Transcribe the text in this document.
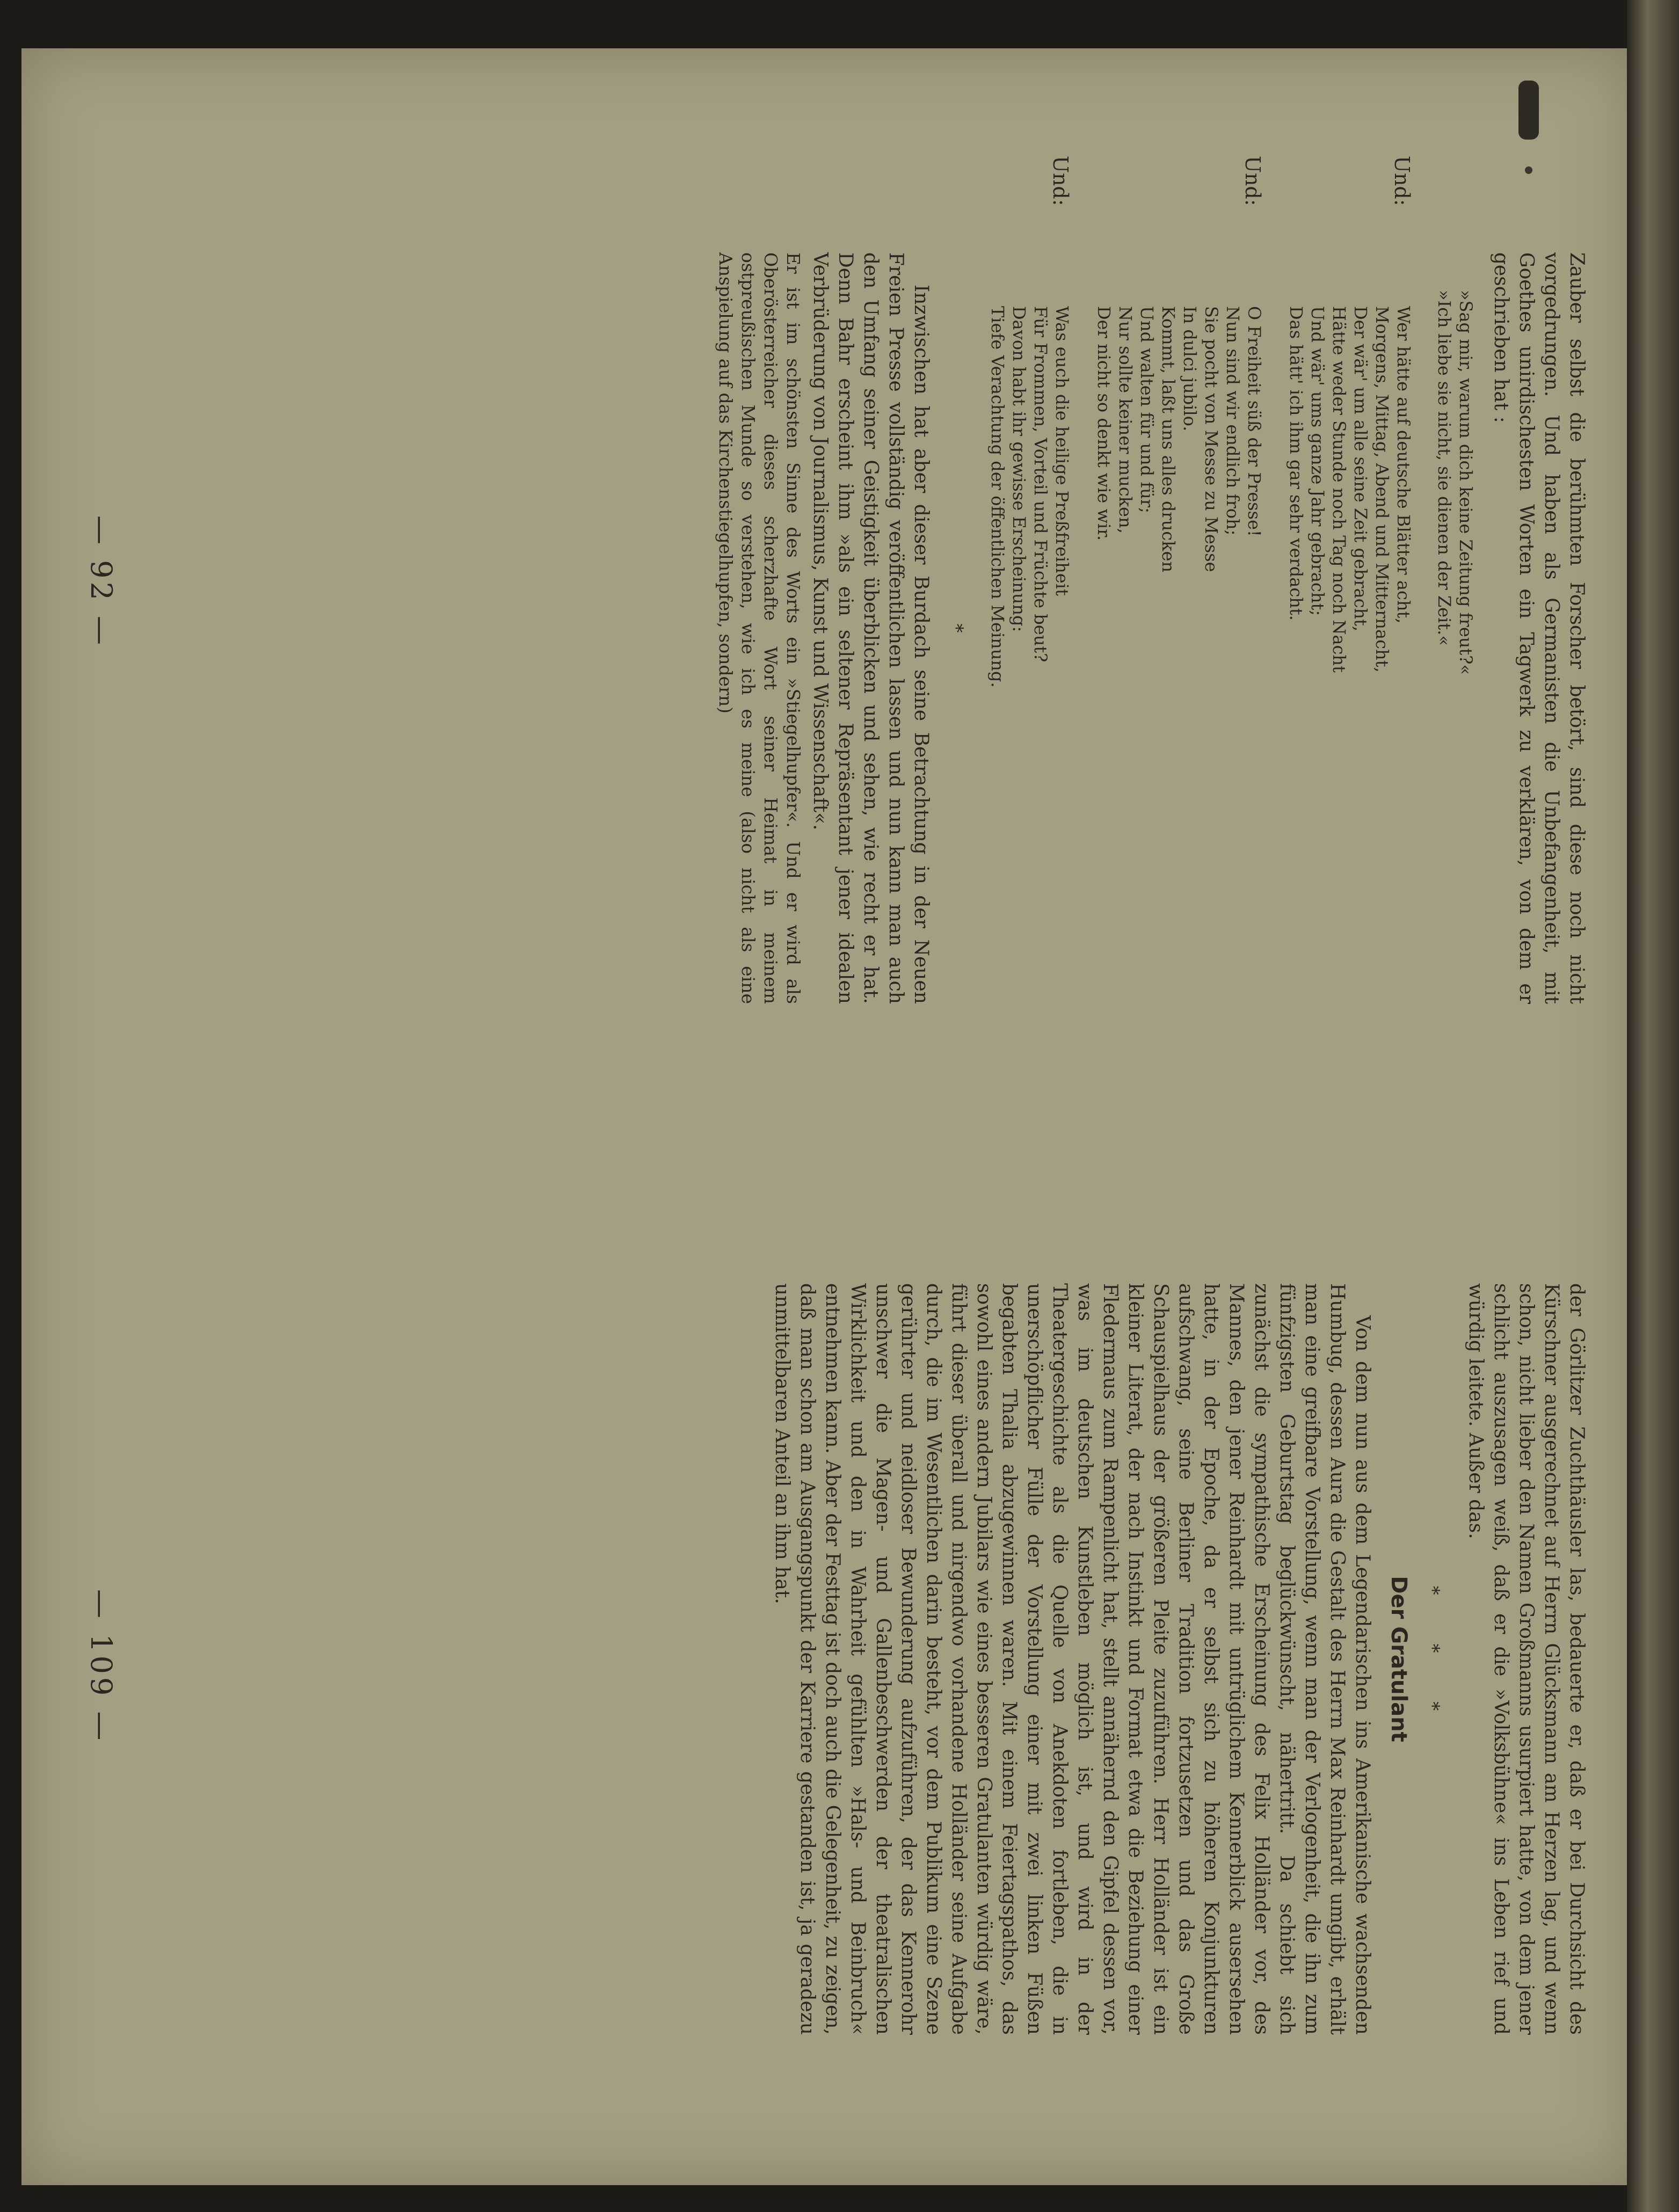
— 92 —	Zauber selbst die berühmten Forscher betört, sind diese noch nicht vorgedrungen. Und haben als Germanisten die Unbefangenheit, mit Goethes unirdischesten Worten ein Tagwerk zu verklären, von dem er geschrieben hat :

»Sag mir, warum dich keine Zeitung freut?«
»Ich liebe sie nicht, sie dienen der Zeit.«
Und:
Wer hätte auf deutsche Blätter acht,
Morgens, Mittag, Abend und Mitternacht,
Der wär' um alle seine Zeit gebracht,
Hätte weder Stunde noch Tag noch Nacht
Und wär' ums ganze Jahr gebracht;
Das hätt' ich ihm gar sehr verdacht.
Und:
O Freiheit süß der Presse!
Nun sind wir endlich froh;
Sie pocht von Messe zu Messe
In dulci jubilo.
Kommt, laßt uns alles drucken
Und walten für und für;
Nur sollte keiner mucken,
Der nicht so denkt wie wir.
Und:
Was euch die heilige Preßfreiheit
Für Frommen, Vorteil und Früchte beut?
Davon habt ihr gewisse Erscheinung:
Tiefe Verachtung der öffentlichen Meinung.
*

Inzwischen hat aber dieser Burdach seine Betrachtung in der Neuen Freien Presse vollständig veröffentlichen lassen und nun kann man auch den Umfang seiner Geistigkeit überblicken und sehen, wie recht er hat. Denn Bahr erscheint ihm »als ein seltener Repräsentant jener idealen Verbrüderung von Journalismus, Kunst und Wissenschaft«.

Er ist im schönsten Sinne des Worts ein »Stiegelhupfer«. Und er wird als Oberösterreicher dieses scherzhafte Wort seiner Heimat in meinem ostpreußischen Munde so verstehen, wie ich es meine (also nicht als eine Anspielung auf das Kirchenstiegelhupfen, sondern)

— 109 —	der Görlitzer Zuchthäusler las, bedauerte er, daß er bei Durchsicht des Kürschner ausgerechnet auf Herrn Glücksmann am Herzen lag, und wenn schon, nicht lieber den Namen Großmanns usurpiert hatte, von dem jener schlicht auszusagen weiß, daß er die »Volksbühne« ins Leben rief und würdig leitete. Außer das.

* * *
Der Gratulant

Von dem nun aus dem Legendarischen ins Amerikanische wachsenden Humbug, dessen Aura die Gestalt des Herrn Max Reinhardt umgibt, erhält man eine greifbare Vorstellung, wenn man der Verlogenheit, die ihn zum fünfzigsten Geburtstag beglückwünscht, nähertritt. Da schiebt sich zunächst die sympathische Erscheinung des Felix Holländer vor, des Mannes, den jener Reinhardt mit untrüglichem Kennerblick ausersehen hatte, in der Epoche, da er selbst sich zu höheren Konjunkturen aufschwang, seine Berliner Tradition fortzusetzen und das Große Schauspielhaus der größeren Pleite zuzuführen. Herr Holländer ist ein kleiner Literat, der nach Instinkt und Format etwa die Beziehung einer Fledermaus zum Rampenlicht hat, stellt annähernd den Gipfel dessen vor, was im deutschen Kunstleben möglich ist, und wird in der Theatergeschichte als die Quelle von Anekdoten fortleben, die in unerschöpflicher Fülle der Vorstellung einer mit zwei linken Füßen begabten Thalia abzugewinnen waren. Mit einem Feiertagspathos, das sowohl eines andern Jubilars wie eines besseren Gratulanten würdig wäre, führt dieser überall und nirgendwo vorhandene Holländer seine Aufgabe durch, die im Wesentlichen darin besteht, vor dem Publikum eine Szene gerührter und neidloser Bewunderung aufzuführen, der das Kennerohr unschwer die Magen- und Gallenbeschwerden der theatralischen Wirklichkeit und den in Wahrheit gefühlten »Hals- und Beinbruch« entnehmen kann. Aber der Festtag ist doch auch die Gelegenheit, zu zeigen, daß man schon am Ausgangspunkt der Karriere gestanden ist, ja geradezu unmittelbaren Anteil an ihm hat.
